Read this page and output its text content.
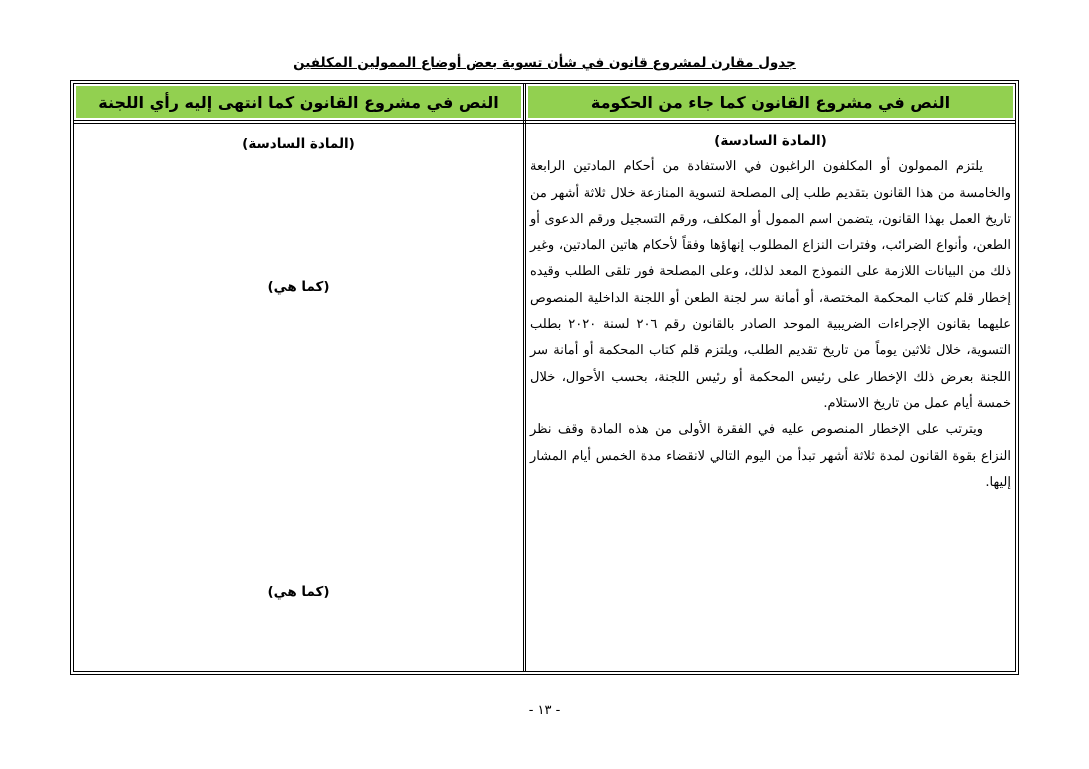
جدول مقارن لمشروع قانون في شأن تسوية بعض أوضاع الممولين المكلفين
النص في مشروع القانون كما جاء من الحكومة
النص في مشروع القانون كما انتهى إليه رأي اللجنة
(المادة السادسة)

يلتزم الممولون أو المكلفون الراغبون في الاستفادة من أحكام المادتين الرابعة والخامسة من هذا القانون بتقديم طلب إلى المصلحة لتسوية المنازعة خلال ثلاثة أشهر من تاريخ العمل بهذا القانون، يتضمن اسم الممول أو المكلف، ورقم التسجيل ورقم الدعوى أو الطعن، وأنواع الضرائب، وفترات النزاع المطلوب إنهاؤها وفقاً لأحكام هاتين المادتين، وغير ذلك من البيانات اللازمة على النموذج المعد لذلك، وعلى المصلحة فور تلقى الطلب وقيده إخطار قلم كتاب المحكمة المختصة، أو أمانة سر لجنة الطعن أو اللجنة الداخلية المنصوص عليهما بقانون الإجراءات الضريبية الموحد الصادر بالقانون رقم ٢٠٦ لسنة ٢٠٢٠ بطلب التسوية، خلال ثلاثين يوماً من تاريخ تقديم الطلب، ويلتزم قلم كتاب المحكمة أو أمانة سر اللجنة بعرض ذلك الإخطار على رئيس المحكمة أو رئيس اللجنة، بحسب الأحوال، خلال خمسة أيام عمل من تاريخ الاستلام.

ويترتب على الإخطار المنصوص عليه في الفقرة الأولى من هذه المادة وقف نظر النزاع بقوة القانون لمدة ثلاثة أشهر تبدأ من اليوم التالي لانقضاء مدة الخمس أيام المشار إليها.

(المادة السادسة)
(كما هي)
(كما هي)
- ١٣ -
